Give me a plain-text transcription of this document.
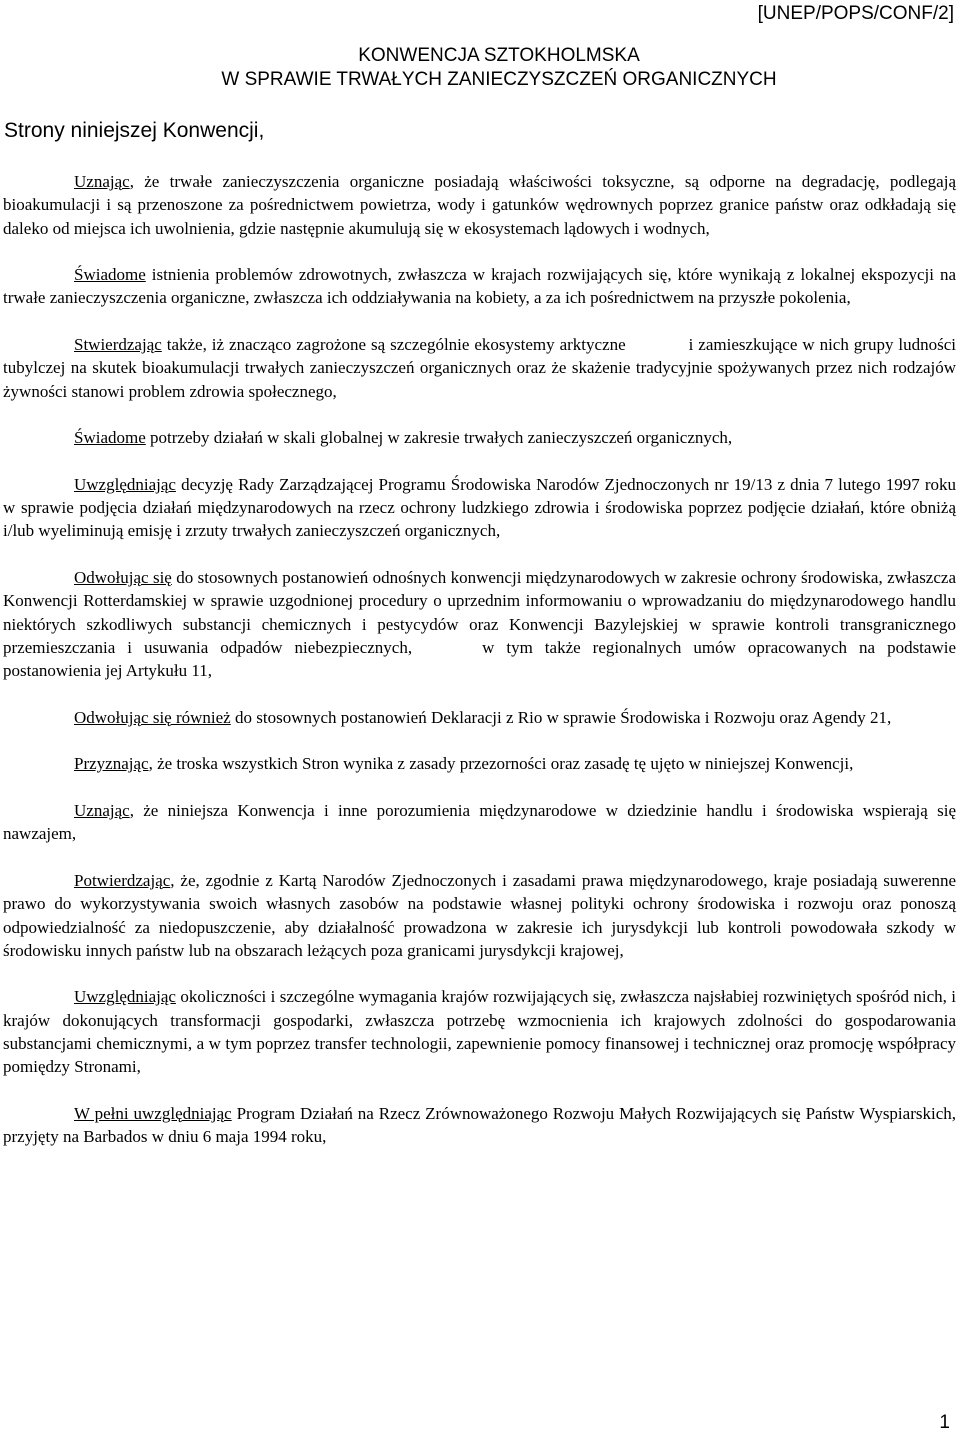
[UNEP/POPS/CONF/2]
KONWENCJA SZTOKHOLMSKA
W SPRAWIE TRWAŁYCH ZANIECZYSZCZEŃ ORGANICZNYCH
Strony niniejszej Konwencji,

Uznając, że trwałe zanieczyszczenia organiczne posiadają właściwości toksyczne, są odporne na degradację, podlegają bioakumulacji i są przenoszone za pośrednictwem powietrza, wody i gatunków wędrownych poprzez granice państw oraz odkładają się daleko od miejsca ich uwolnienia, gdzie następnie akumulują się w ekosystemach lądowych i wodnych,

Świadome istnienia problemów zdrowotnych, zwłaszcza w krajach rozwijających się, które wynikają z lokalnej ekspozycji na trwałe zanieczyszczenia organiczne, zwłaszcza ich oddziaływania na kobiety, a za ich pośrednictwem na przyszłe pokolenia,

Stwierdzając także, iż znacząco zagrożone są szczególnie ekosystemy arktyczne	i zamieszkujące w nich grupy ludności tubylczej na skutek bioakumulacji trwałych zanieczyszczeń organicznych oraz że skażenie tradycyjnie spożywanych przez nich rodzajów żywności stanowi problem zdrowia społecznego,

Świadome potrzeby działań w skali globalnej w zakresie trwałych zanieczyszczeń organicznych,

Uwzględniając decyzję Rady Zarządzającej Programu Środowiska Narodów Zjednoczonych nr 19/13 z dnia 7 lutego 1997 roku w sprawie podjęcia działań międzynarodowych na rzecz ochrony ludzkiego zdrowia i środowiska poprzez podjęcie działań, które obniżą i/lub wyeliminują emisję i zrzuty trwałych zanieczyszczeń organicznych,

Odwołując się do stosownych postanowień odnośnych konwencji międzynarodowych w zakresie ochrony środowiska, zwłaszcza Konwencji Rotterdamskiej w sprawie uzgodnionej procedury o uprzednim informowaniu o wprowadzaniu do międzynarodowego handlu niektórych szkodliwych substancji chemicznych i pestycydów oraz Konwencji Bazylejskiej w sprawie kontroli transgranicznego przemieszczania i usuwania odpadów niebezpiecznych,	w tym także regionalnych umów opracowanych na podstawie postanowienia jej Artykułu 11,

Odwołując się również do stosownych postanowień Deklaracji z Rio w sprawie Środowiska i Rozwoju oraz Agendy 21,

Przyznając, że troska wszystkich Stron wynika z zasady przezorności oraz zasadę tę ujęto w niniejszej Konwencji,

Uznając, że niniejsza Konwencja i inne porozumienia międzynarodowe w dziedzinie handlu i środowiska wspierają się nawzajem,

Potwierdzając, że, zgodnie z Kartą Narodów Zjednoczonych i zasadami prawa międzynarodowego, kraje posiadają suwerenne prawo do wykorzystywania swoich własnych zasobów na podstawie własnej polityki ochrony środowiska i rozwoju oraz ponoszą odpowiedzialność za niedopuszczenie, aby działalność prowadzona w zakresie ich jurysdykcji lub kontroli powodowała szkody w środowisku innych państw lub na obszarach leżących poza granicami jurysdykcji krajowej,

Uwzględniając okoliczności i szczególne wymagania krajów rozwijających się, zwłaszcza najsłabiej rozwiniętych spośród nich, i krajów dokonujących transformacji gospodarki, zwłaszcza potrzebę wzmocnienia ich krajowych zdolności do gospodarowania substancjami chemicznymi, a w tym poprzez transfer technologii, zapewnienie pomocy finansowej i technicznej oraz promocję współpracy pomiędzy Stronami,

W pełni uwzględniając Program Działań na Rzecz Zrównoważonego Rozwoju Małych Rozwijających się Państw Wyspiarskich, przyjęty na Barbados w dniu 6 maja 1994 roku,

1
